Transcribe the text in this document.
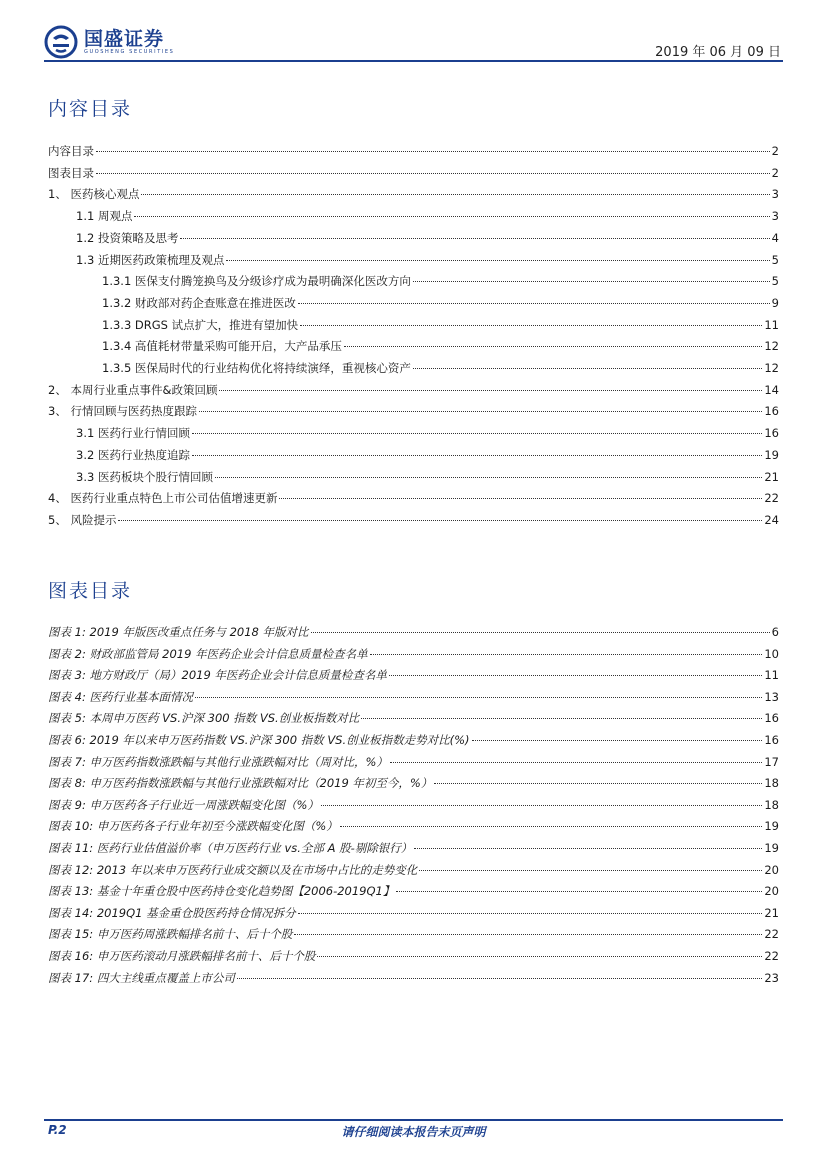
国盛证券
GUOSHENG SECURITIES	2019 年 06 月 09 日
内容目录
内容目录	2
图表目录	2
1、 医药核心观点	3
1.1 周观点	3
1.2 投资策略及思考	4
1.3 近期医药政策梳理及观点	5
1.3.1 医保支付腾笼换鸟及分级诊疗成为最明确深化医改方向	5
1.3.2 财政部对药企查账意在推进医改	9
1.3.3 DRGS 试点扩大，推进有望加快	11
1.3.4 高值耗材带量采购可能开启，大产品承压	12
1.3.5 医保局时代的行业结构优化将持续演绎，重视核心资产	12
2、 本周行业重点事件&政策回顾	14
3、 行情回顾与医药热度跟踪	16
3.1 医药行业行情回顾	16
3.2 医药行业热度追踪	19
3.3 医药板块个股行情回顾	21
4、 医药行业重点特色上市公司估值增速更新	22
5、 风险提示	24
图表目录
图表 1: 2019 年版医改重点任务与 2018 年版对比	6
图表 2: 财政部监管局 2019 年医药企业会计信息质量检查名单	10
图表 3: 地方财政厅（局）2019 年医药企业会计信息质量检查名单	11
图表 4: 医药行业基本面情况	13
图表 5: 本周申万医药 VS.沪深 300 指数 VS.创业板指数对比	16
图表 6: 2019 年以来申万医药指数 VS.沪深 300 指数 VS.创业板指数走势对比(%)	16
图表 7: 申万医药指数涨跌幅与其他行业涨跌幅对比（周对比，%）	17
图表 8: 申万医药指数涨跌幅与其他行业涨跌幅对比（2019 年初至今，%）	18
图表 9: 申万医药各子行业近一周涨跌幅变化图（%）	18
图表 10: 申万医药各子行业年初至今涨跌幅变化图（%）	19
图表 11: 医药行业估值溢价率（申万医药行业 vs.全部 A 股-剔除银行）	19
图表 12: 2013 年以来申万医药行业成交额以及在市场中占比的走势变化	20
图表 13: 基金十年重仓股中医药持仓变化趋势图【2006-2019Q1】	20
图表 14: 2019Q1 基金重仓股医药持仓情况拆分	21
图表 15: 申万医药周涨跌幅排名前十、后十个股	22
图表 16: 申万医药滚动月涨跌幅排名前十、后十个股	22
图表 17: 四大主线重点覆盖上市公司	23
请仔细阅读本报告末页声明
P.2
